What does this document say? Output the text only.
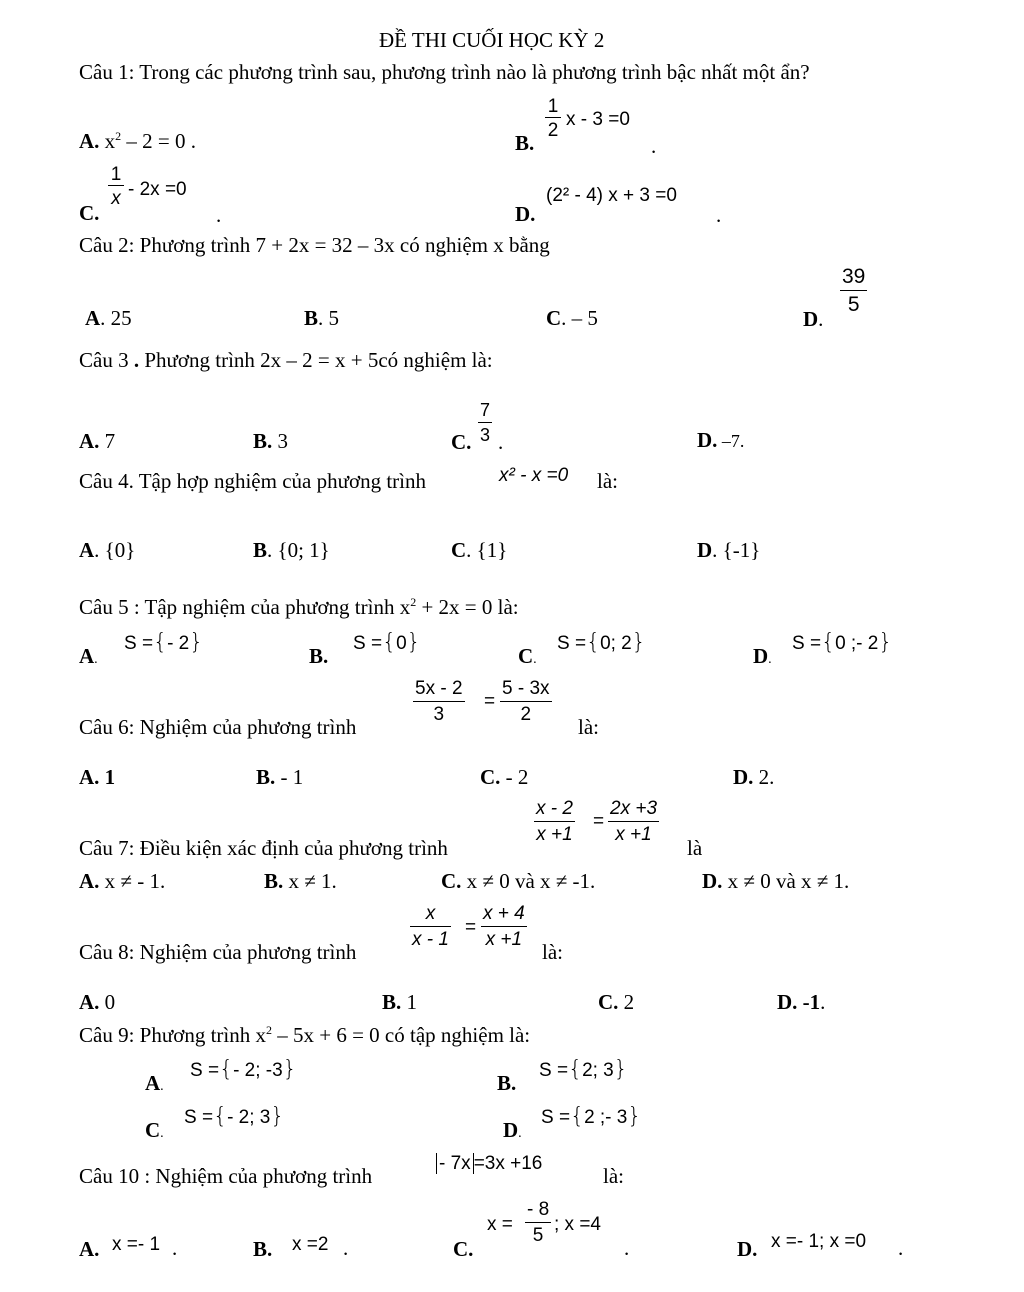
ĐỀ THI CUỐI HỌC KỲ 2
Câu 1: Trong các phương trình sau, phương trình nào là phương trình bậc nhất một ẩn?
A. $x^2 - 2 = 0$ .	B.
1
2
x - 3 =0
.
C.
1
x - 2x =0
.	D.
(2² - 4) x + 3 =0
.
Câu 2: Phương trình 7 + 2x = 32 – 3x có nghiệm x bằng
A. 25	B. 5	C. – 5	D.
$\frac{39}{5}$
Câu 3 . Phương trình 2x – 2 = x + 5có nghiệm là:
A. 7	B. 3	C. $\frac{7}{3}$ .	D. –7.
Câu 4. Tập hợp nghiệm của phương trình	x² - x =0 là:
A. {0}	B. {0; 1}	C. {1}	D. {-1}
Câu 5 : Tập nghiệm của phương trình $x^2 + 2x = 0$ là:
A.
S ={- 2}
B.
S ={0}
C.
S ={0; 2}
D.
S ={0 ;- 2}
Câu 6: Nghiệm của phương trình
$\frac{5x - 2}{3} = \frac{5 - 3x}{2}$
là:
A. 1	B. - 1	C. - 2	D. 2.
Câu 7: Điều kiện xác định của phương trình
$\frac{x - 2}{x +1} = \frac{2x +3}{x +1}$
là
A. x ≠ - 1.	B. x ≠ 1.	C. x ≠ 0 và x ≠ -1.	D. x ≠ 0 và x ≠ 1.
Câu 8: Nghiệm của phương trình
$\frac{x}{x - 1} = \frac{x + 4}{x +1}$
là:
A. 0	B. 1	C. 2	D. -1.
Câu 9: Phương trình $x^2 - 5x + 6 = 0$ có tập nghiệm là:
A.
S ={- 2; -3}
B.
S ={2; 3}
C.
S ={- 2; 3}
D.
S ={2 ;- 3}
Câu 10 : Nghiệm của phương trình
- 7x =3x +16
là:
A. x =- 1 .	B. x =2 .	C.
$x = \frac{- 8}{5}$ ; x =4
.	D. x =- 1; x =0 .
